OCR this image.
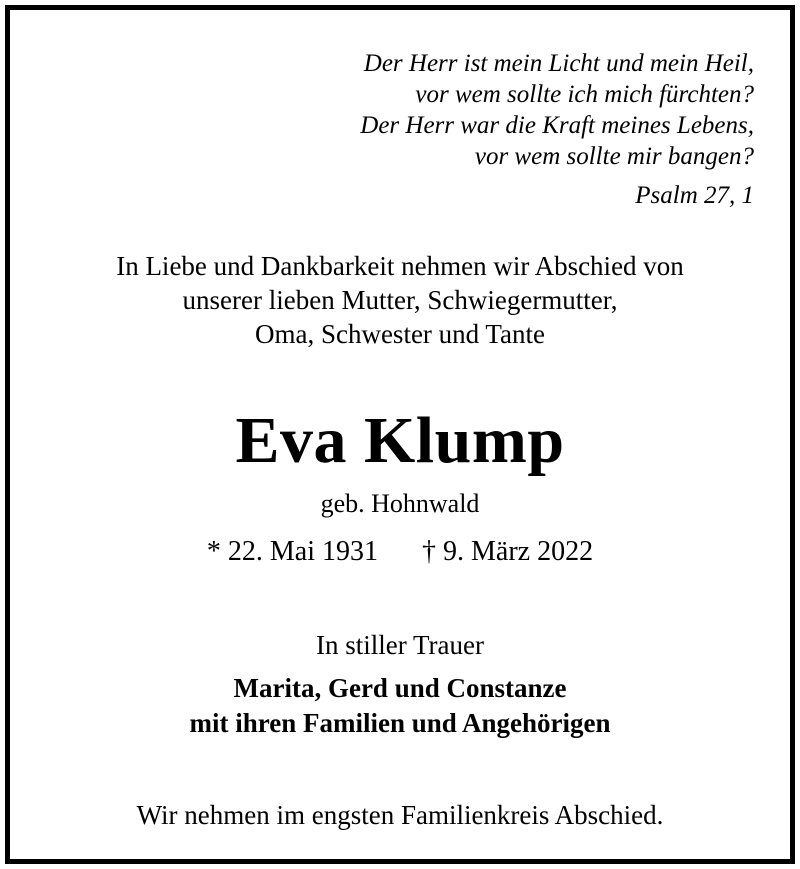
Der Herr ist mein Licht und mein Heil,
vor wem sollte ich mich fürchten?
Der Herr war die Kraft meines Lebens,
vor wem sollte mir bangen?
Psalm 27, 1
In Liebe und Dankbarkeit nehmen wir Abschied von
unserer lieben Mutter, Schwiegermutter,
Oma, Schwester und Tante
Eva Klump
geb. Hohnwald
* 22. Mai 1931 † 9. März 2022
In stiller Trauer
Marita, Gerd und Constanze
mit ihren Familien und Angehörigen
Wir nehmen im engsten Familienkreis Abschied.
